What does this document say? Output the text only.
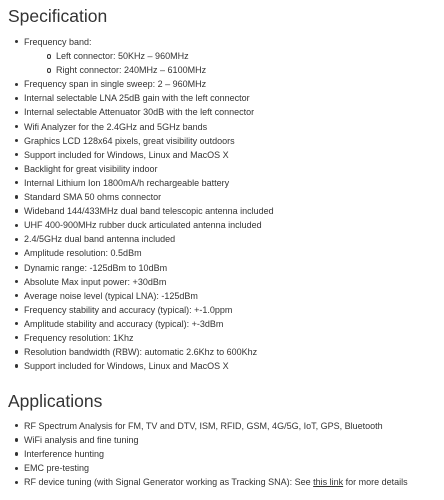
Specification
Frequency band:
Left connector: 50KHz – 960MHz
Right connector: 240MHz – 6100MHz
Frequency span in single sweep: 2 – 960MHz
Internal selectable LNA 25dB gain with the left connector
Internal selectable Attenuator 30dB with the left connector
Wifi Analyzer for the 2.4GHz and 5GHz bands
Graphics LCD 128x64 pixels, great visibility outdoors
Support included for Windows, Linux and MacOS X
Backlight for great visibility indoor
Internal Lithium Ion 1800mA/h rechargeable battery
Standard SMA 50 ohms connector
Wideband 144/433MHz dual band telescopic antenna included
UHF 400-900MHz rubber duck articulated antenna included
2.4/5GHz dual band antenna included
Amplitude resolution: 0.5dBm
Dynamic range: -125dBm to 10dBm
Absolute Max input power: +30dBm
Average noise level (typical LNA): -125dBm
Frequency stability and accuracy (typical): +-1.0ppm
Amplitude stability and accuracy (typical): +-3dBm
Frequency resolution: 1Khz
Resolution bandwidth (RBW): automatic 2.6Khz to 600Khz
Support included for Windows, Linux and MacOS X
Applications
RF Spectrum Analysis for FM, TV and DTV, ISM, RFID, GSM, 4G/5G, IoT, GPS, Bluetooth
WiFi analysis and fine tuning
Interference hunting
EMC pre-testing
RF device tuning (with Signal Generator working as Tracking SNA): See this link for more details
